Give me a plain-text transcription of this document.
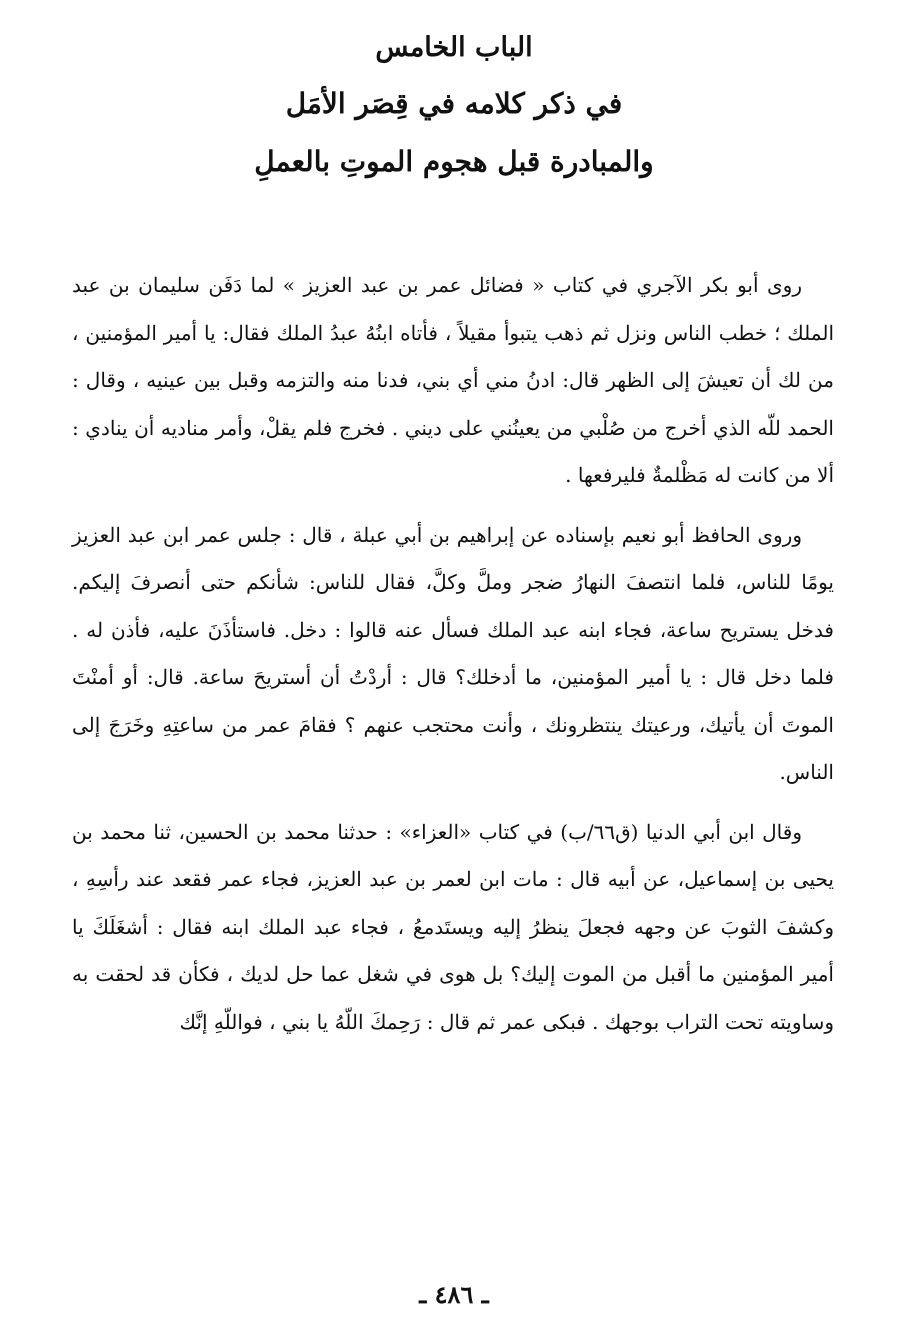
الباب الخامس
في ذكر كلامه في قِصَر الأمَل
والمبادرة قبل هجوم الموتِ بالعملِ

روى أبو بكر الآجري في كتاب « فضائل عمر بن عبد العزيز » لما دَفَن سليمان بن عبد الملك ؛ خطب الناس ونزل ثم ذهب يتبوأ مقيلاً ، فأتاه ابنُهُ عبدُ الملك فقال: يا أمير المؤمنين ، من لك أن تعيشَ إلى الظهر قال: ادنُ مني أي بني، فدنا منه والتزمه وقبل بين عينيه ، وقال : الحمد للّه الذي أخرج من صُلْبي من يعينُني على ديني . فخرج فلم يقلْ، وأمر مناديه أن ينادي : ألا من كانت له مَظْلمةٌ فليرفعها .

وروى الحافظ أبو نعيم بإسناده عن إبراهيم بن أبي عبلة ، قال : جلس عمر ابن عبد العزيز يومًا للناس، فلما انتصفَ النهارُ ضجر وملَّ وكلَّ، فقال للناس: شأنكم حتى أنصرفَ إليكم. فدخل يستريح ساعة، فجاء ابنه عبد الملك فسأل عنه قالوا : دخل. فاستأذَنَ عليه، فأذن له . فلما دخل قال : يا أمير المؤمنين، ما أدخلك؟ قال : أردْتُ أن أستريحَ ساعة. قال: أو أمنْتَ الموتَ أن يأتيك، ورعيتك ينتظرونك ، وأنت محتجب عنهم ؟ فقامَ عمر من ساعتِهِ وخَرَجَ إلى الناس.

وقال ابن أبي الدنيا (ق٦٦/ب) في كتاب «العزاء» : حدثنا محمد بن الحسين، ثنا محمد بن يحيى بن إسماعيل، عن أبيه قال : مات ابن لعمر بن عبد العزيز، فجاء عمر فقعد عند رأسِهِ ، وكشفَ الثوبَ عن وجهه فجعلَ ينظرُ إليه ويستَدمعُ ، فجاء عبد الملك ابنه فقال : أشغَلَكَ يا أمير المؤمنين ما أقبل من الموت إليك؟ بل هوى في شغل عما حل لديك ، فكأن قد لحقت به وساويته تحت التراب بوجهك . فبكى عمر ثم قال : رَحِمكَ اللّهُ يا بني ، فواللّهِ إنَّك

ـ ٤٨٦ ـ
